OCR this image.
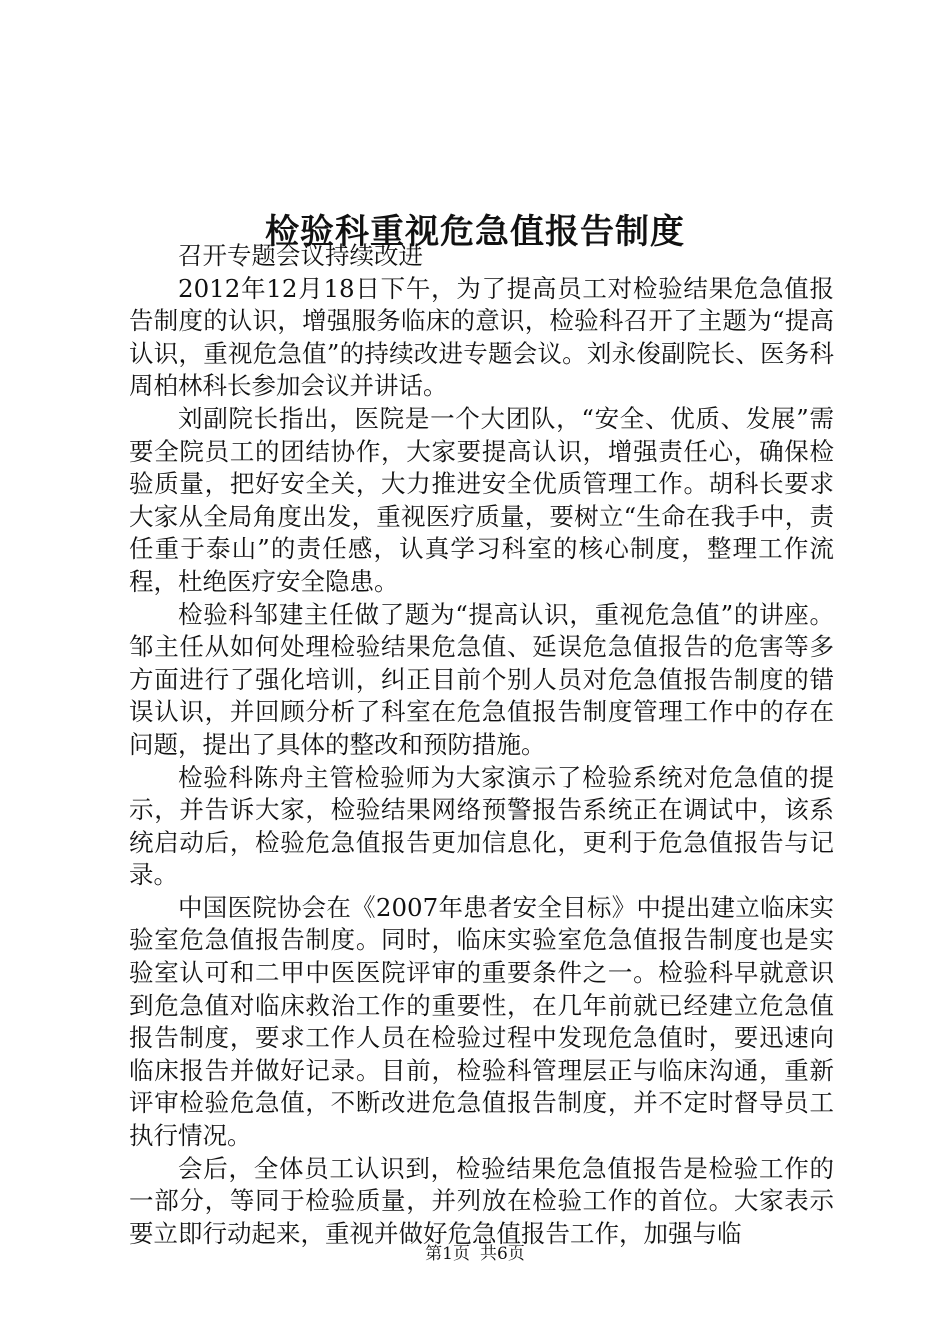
检验科重视危急值报告制度

召开专题会议持续改进

2012年12月18日下午，为了提高员工对检验结果危急值报告制度的认识，增强服务临床的意识，检验科召开了主题为“提高认识，重视危急值”的持续改进专题会议。刘永俊副院长、医务科周柏林科长参加会议并讲话。

刘副院长指出，医院是一个大团队，“安全、优质、发展”需要全院员工的团结协作，大家要提高认识，增强责任心，确保检验质量，把好安全关，大力推进安全优质管理工作。胡科长要求大家从全局角度出发，重视医疗质量，要树立“生命在我手中，责任重于泰山”的责任感，认真学习科室的核心制度，整理工作流程，杜绝医疗安全隐患。

检验科邹建主任做了题为“提高认识，重视危急值”的讲座。邹主任从如何处理检验结果危急值、延误危急值报告的危害等多方面进行了强化培训，纠正目前个别人员对危急值报告制度的错误认识，并回顾分析了科室在危急值报告制度管理工作中的存在问题，提出了具体的整改和预防措施。

检验科陈舟主管检验师为大家演示了检验系统对危急值的提示，并告诉大家，检验结果网络预警报告系统正在调试中，该系统启动后，检验危急值报告更加信息化，更利于危急值报告与记录。

中国医院协会在《2007年患者安全目标》中提出建立临床实验室危急值报告制度。同时，临床实验室危急值报告制度也是实验室认可和二甲中医医院评审的重要条件之一。检验科早就意识到危急值对临床救治工作的重要性，在几年前就已经建立危急值报告制度，要求工作人员在检验过程中发现危急值时，要迅速向临床报告并做好记录。目前，检验科管理层正与临床沟通，重新评审检验危急值，不断改进危急值报告制度，并不定时督导员工执行情况。

会后，全体员工认识到，检验结果危急值报告是检验工作的一部分，等同于检验质量，并列放在检验工作的首位。大家表示要立即行动起来，重视并做好危急值报告工作，加强与临

第1页 共6页
